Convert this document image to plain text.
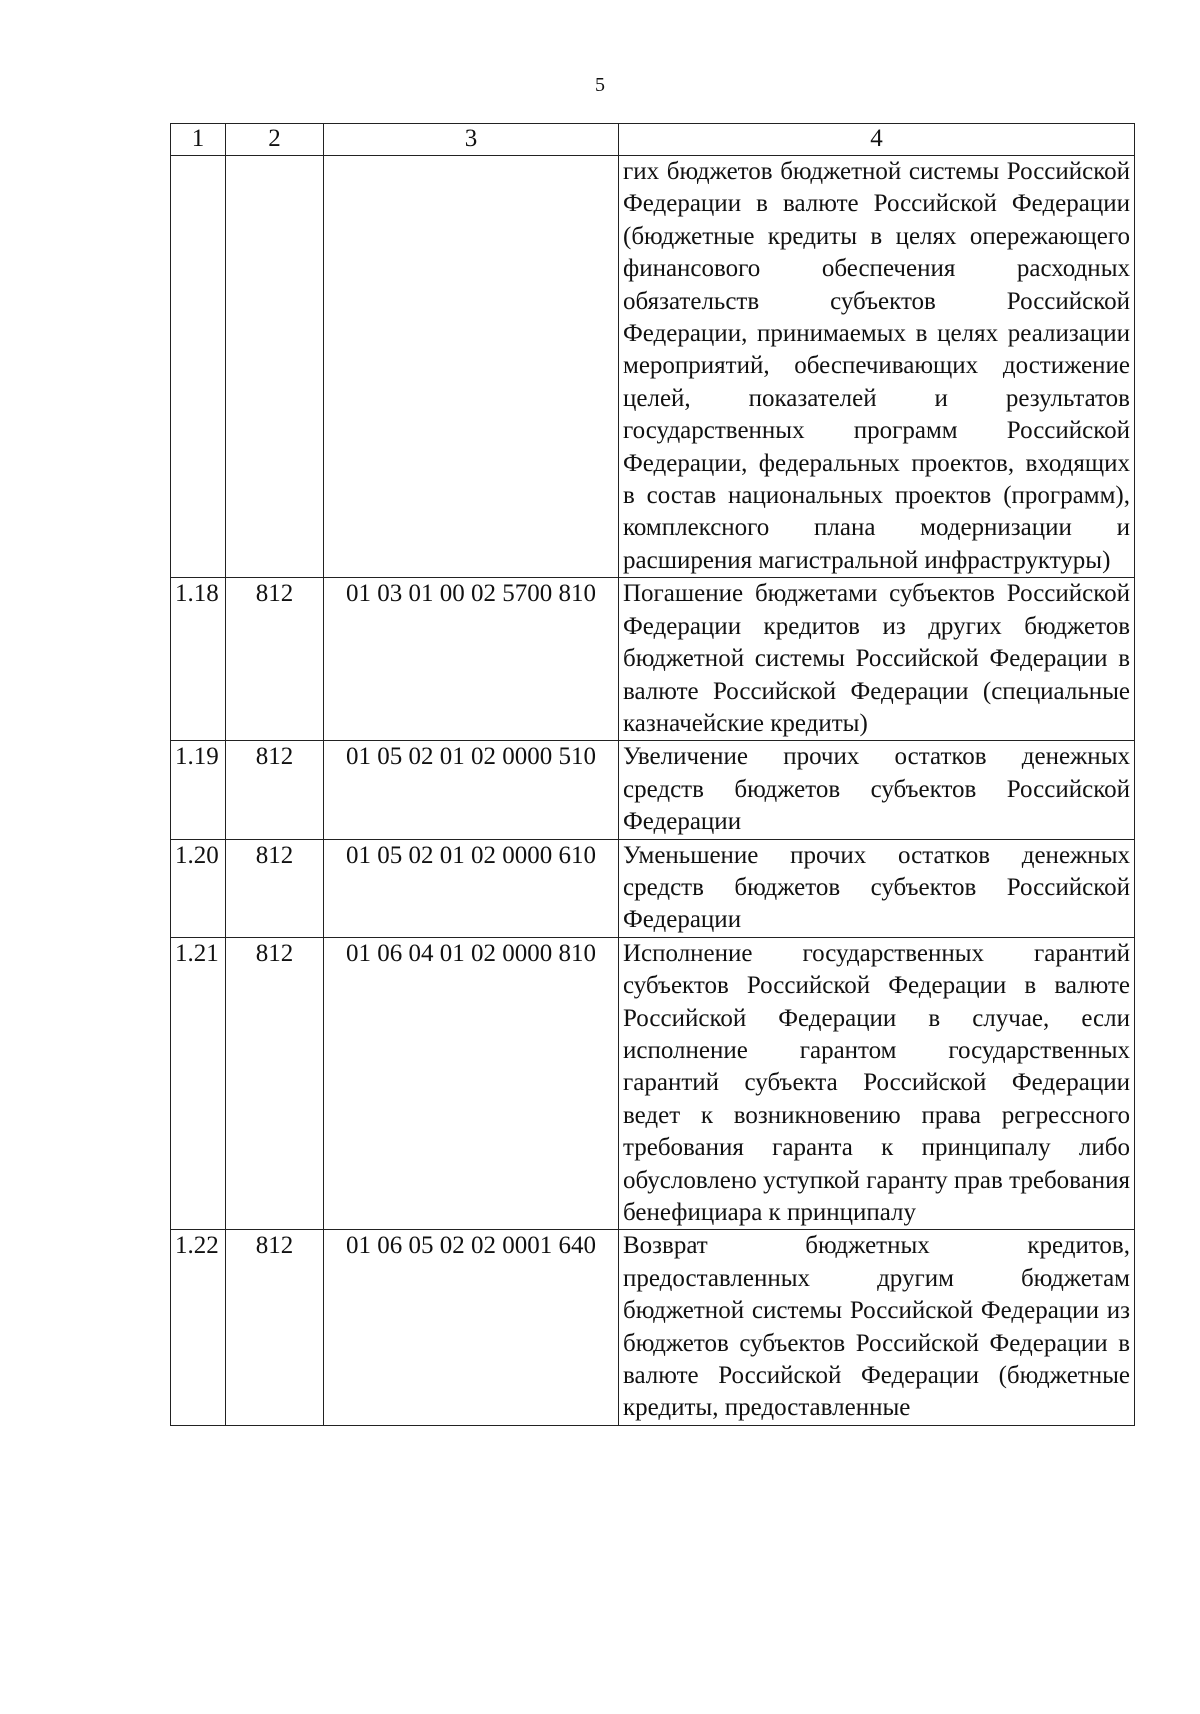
5
1	2	3	4
			гих бюджетов бюджетной системы Российской Федерации в валюте Российской Федерации (бюджетные кредиты в целях опережающего финансового обеспечения расходных обязательств субъектов Российской Федерации, принимаемых в целях реализации мероприятий, обеспечивающих достижение целей, показателей и результатов государственных программ Российской Федерации, федеральных проектов, входящих в состав национальных проектов (программ), комплексного плана модернизации и расширения магистральной инфраструктуры)
1.18	812	01 03 01 00 02 5700 810	Погашение бюджетами субъектов Российской Федерации кредитов из других бюджетов бюджетной системы Российской Федерации в валюте Российской Федерации (специальные казначейские кредиты)
1.19	812	01 05 02 01 02 0000 510	Увеличение прочих остатков денежных средств бюджетов субъектов Российской Федерации
1.20	812	01 05 02 01 02 0000 610	Уменьшение прочих остатков денежных средств бюджетов субъектов Российской Федерации
1.21	812	01 06 04 01 02 0000 810	Исполнение государственных гарантий субъектов Российской Федерации в валюте Российской Федерации в случае, если исполнение гарантом государственных гарантий субъекта Российской Федерации ведет к возникновению права регрессного требования гаранта к принципалу либо обусловлено уступкой гаранту прав требования бенефициара к принципалу
1.22	812	01 06 05 02 02 0001 640	Возврат бюджетных кредитов, предоставленных другим бюджетам бюджетной системы Российской Федерации из бюджетов субъектов Российской Федерации в валюте Российской Федерации (бюджетные кредиты, предоставленные
